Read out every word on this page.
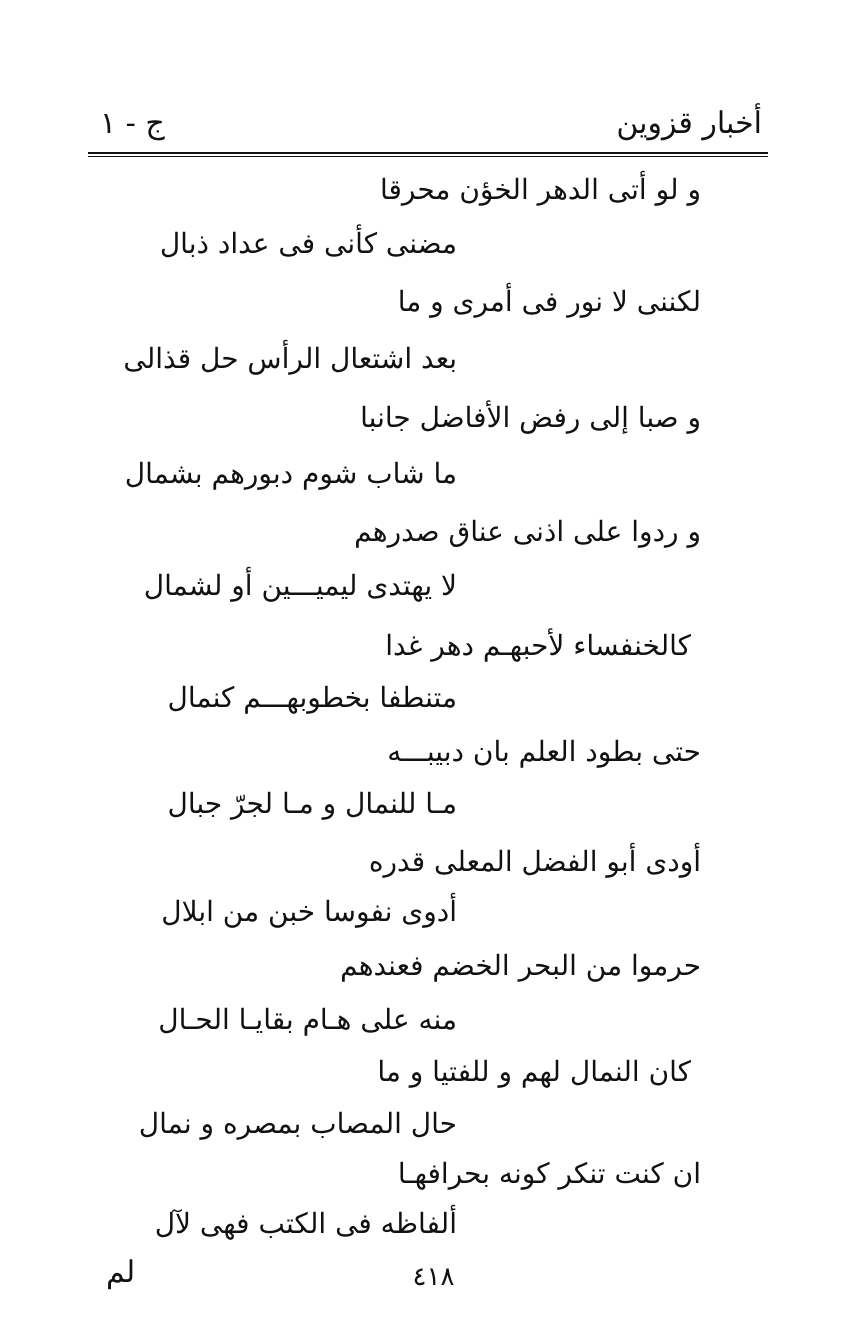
أخبار قزوين
ج - ١
و لو أتى الدهر الخؤن محرقا
مضنى كأنى فى عداد ذبال
لكننى لا نور فى أمرى و ما
بعد اشتعال الرأس حل قذالى
و صبا إلى رفض الأفاضل جانبا
ما شاب شوم دبورهم بشمال
و ردوا على اذنى عناق صدرهم
لا يهتدى ليميـــين أو لشمال
كالخنفساء لأحبهـم دهر غدا
متنطفا بخطوبهـــم كنمال
حتى بطود العلم بان دبيبـــه
مـا للنمال و مـا لجرّ جبال
أودى أبو الفضل المعلى قدره
أدوى نفوسا خبن من ابلال
حرموا من البحر الخضم فعندهم
منه على هـام بقايـا الحـال
كان النمال لهم و للفتيا و ما
حال المصاب بمصره و نمال
ان كنت تنكر كونه بحرافهـا
ألفاظه فى الكتب فهى لآل
٤١٨
لم
